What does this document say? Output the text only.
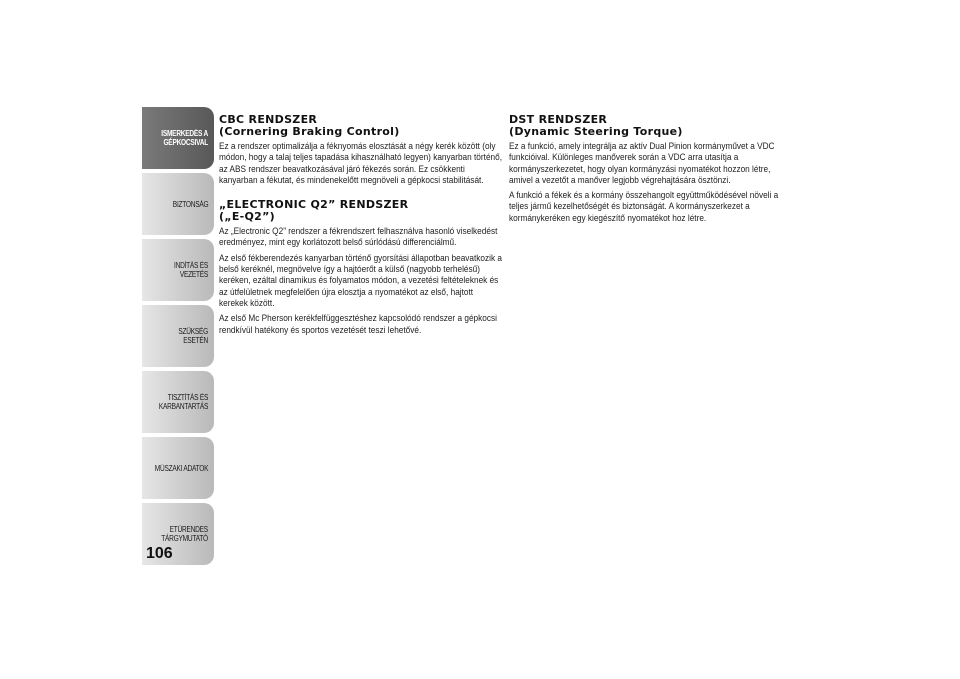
ISMERKEDÉS A
GÉPKOCSIVAL
BIZTONSÁG
INDÍTÁS ÉS VEZETÉS
SZÜKSÉG ESETÉN
TISZTÍTÁS ÉS
KARBANTARTÁS
MŰSZAKI ADATOK
ETŰRENDES
TÁRGYMUTATÓ
106
CBC RENDSZER
(Cornering Braking Control)

Ez a rendszer optimalizálja a féknyomás elosztását a négy kerék között (oly módon, hogy a talaj teljes tapadása kihasználható legyen) kanyarban történő, az ABS rendszer beavatkozásával járó fékezés során. Ez csökkenti kanyarban a fékutat, és mindenekelőtt megnöveli a gépkocsi stabilitását.

„ELECTRONIC Q2” RENDSZER
(„E-Q2”)

Az „Electronic Q2” rendszer a fékrendszert felhasználva hasonló viselkedést eredményez, mint egy korlátozott belső súrlódású differenciálmű.

Az első fékberendezés kanyarban történő gyorsítási állapotban beavatkozik a belső keréknél, megnövelve így a hajtóerőt a külső (nagyobb terhelésű) keréken, ezáltal dinamikus és folyamatos módon, a vezetési feltételeknek és az útfelületnek megfelelően újra elosztja a nyomatékot az első, hajtott kerekek között.

Az első Mc Pherson kerékfelfüggesztéshez kapcsolódó rendszer a gépkocsi rendkívül hatékony és sportos vezetését teszi lehetővé.

DST RENDSZER
(Dynamic Steering Torque)

Ez a funkció, amely integrálja az aktív Dual Pinion kormányművet a VDC funkcióival. Különleges manőverek során a VDC arra utasítja a kormányszerkezetet, hogy olyan kormányzási nyomatékot hozzon létre, amivel a vezetőt a manőver legjobb végrehajtására ösztönzi.

A funkció a fékek és a kormány összehangolt együttműködésével növeli a teljes jármű kezelhetőségét és biztonságát. A kormányszerkezet a kormánykeréken egy kiegészítő nyomatékot hoz létre.
